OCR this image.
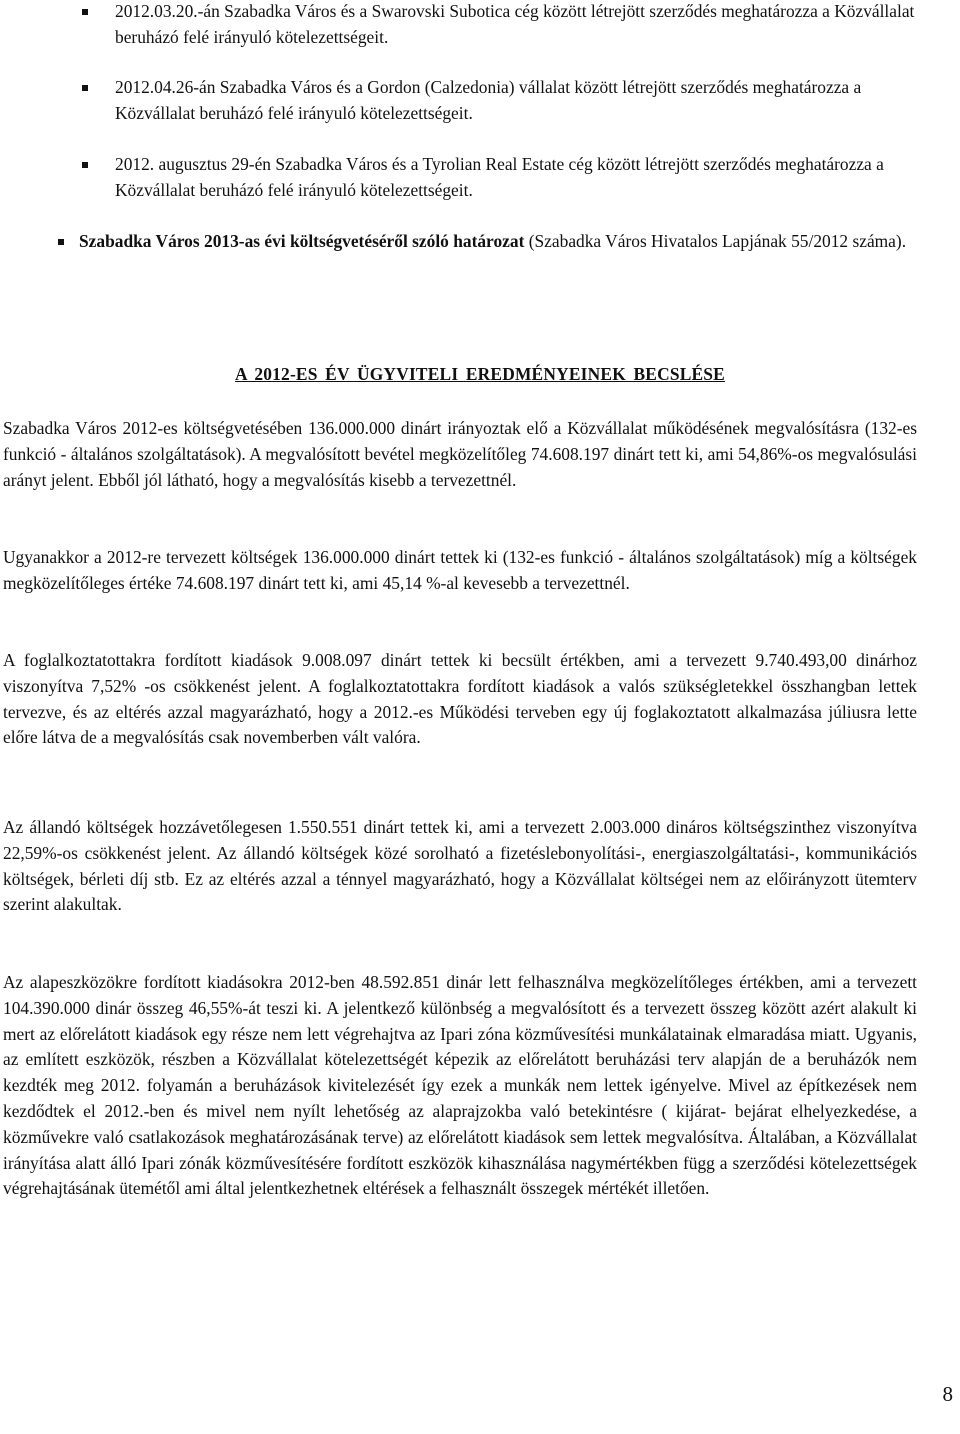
2012.03.20.-án Szabadka Város és a Swarovski Subotica cég között létrejött szerződés meghatározza a Közvállalat beruházó felé irányuló kötelezettségeit.
2012.04.26-án Szabadka Város és a Gordon (Calzedonia) vállalat között létrejött szerződés meghatározza a Közvállalat beruházó felé irányuló kötelezettségeit.
2012. augusztus 29-én Szabadka Város és a Tyrolian Real Estate cég között létrejött szerződés meghatározza a Közvállalat beruházó felé irányuló kötelezettségeit.
Szabadka Város 2013-as évi költségvetéséről szóló határozat (Szabadka Város Hivatalos Lapjának 55/2012 száma).
A 2012-ES ÉV ÜGYVITELI EREDMÉNYEINEK BECSLÉSE
Szabadka Város 2012-es költségvetésében 136.000.000 dinárt irányoztak elő a Közvállalat működésének megvalósításra (132-es funkció - általános szolgáltatások). A megvalósított bevétel megközelítőleg 74.608.197 dinárt tett ki, ami 54,86%-os megvalósulási arányt jelent. Ebből jól látható, hogy a megvalósítás kisebb a tervezettnél.
Ugyanakkor a 2012-re tervezett költségek 136.000.000 dinárt tettek ki (132-es funkció - általános szolgáltatások) míg a költségek megközelítőleges értéke 74.608.197 dinárt tett ki, ami 45,14 %-al kevesebb a tervezettnél.
A foglalkoztatottakra fordított kiadások 9.008.097 dinárt tettek ki becsült értékben, ami a tervezett 9.740.493,00 dinárhoz viszonyítva 7,52% -os csökkenést jelent. A foglalkoztatottakra fordított kiadások a valós szükségletekkel összhangban lettek tervezve, és az eltérés azzal magyarázható, hogy a 2012.-es Működési terveben egy új foglakoztatott alkalmazása júliusra lette előre látva de a megvalósítás csak novemberben vált valóra.
Az állandó költségek hozzávetőlegesen 1.550.551 dinárt tettek ki, ami a tervezett 2.003.000 dináros költségszinthez viszonyítva 22,59%-os csökkenést jelent. Az állandó költségek közé sorolható a fizetéslebonyolítási-, energiaszolgáltatási-, kommunikációs költségek, bérleti díj stb. Ez az eltérés azzal a ténnyel magyarázható, hogy a Közvállalat költségei nem az előirányzott ütemterv szerint alakultak.
Az alapeszközökre fordított kiadásokra 2012-ben 48.592.851 dinár lett felhasználva megközelítőleges értékben, ami a tervezett 104.390.000 dinár összeg 46,55%-át teszi ki. A jelentkező különbség a megvalósított és a tervezett összeg között azért alakult ki mert az előrelátott kiadások egy része nem lett végrehajtva az Ipari zóna közművesítési munkálatainak elmaradása miatt. Ugyanis, az említett eszközök, részben a Közvállalat kötelezettségét képezik az előrelátott beruházási terv alapján de a beruházók nem kezdték meg 2012. folyamán a beruházások kivitelezését így ezek a munkák nem lettek igényelve. Mivel az építkezések nem kezdődtek el 2012.-ben és mivel nem nyílt lehetőség az alaprajzokba való betekintésre ( kijárat- bejárat elhelyezkedése, a közművekre való csatlakozások meghatározásának terve) az előrelátott kiadások sem lettek megvalósítva. Általában, a Közvállalat irányítása alatt álló Ipari zónák közművesítésére fordított eszközök kihasználása nagymértékben függ a szerződési kötelezettségek végrehajtásának ütemétől ami által jelentkezhetnek eltérések a felhasznált összegek mértékét illetően.
8
